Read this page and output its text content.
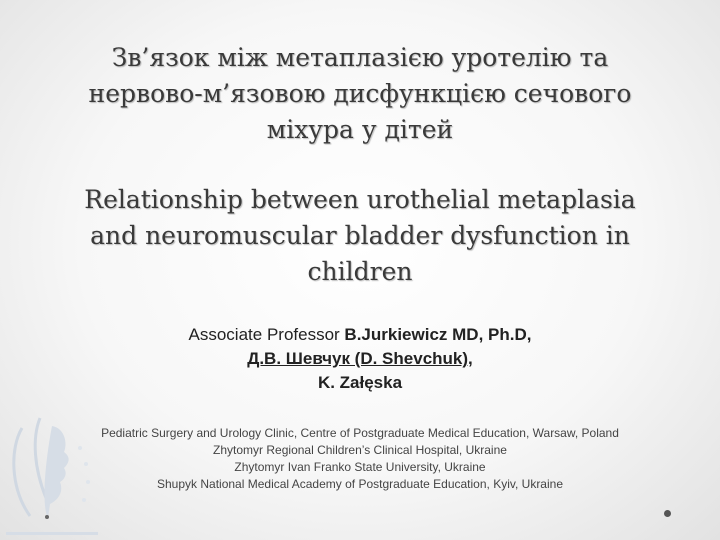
Зв’язок між метаплазією уротелію та
нервово-м’язовою дисфункцією сечового
міхура у дітей
Relationship between urothelial metaplasia
and neuromuscular bladder dysfunction in
children
Associate Professor B.Jurkiewicz MD, Ph.D,
Д.В. Шевчук (D. Shevchuk),
K. Załęska
Pediatric Surgery and Urology Clinic, Centre of Postgraduate Medical Education, Warsaw, Poland
Zhytomyr Regional Children’s Clinical Hospital, Ukraine
Zhytomyr Ivan Franko State University, Ukraine
Shupyk National Medical Academy of Postgraduate Education, Kyiv, Ukraine
